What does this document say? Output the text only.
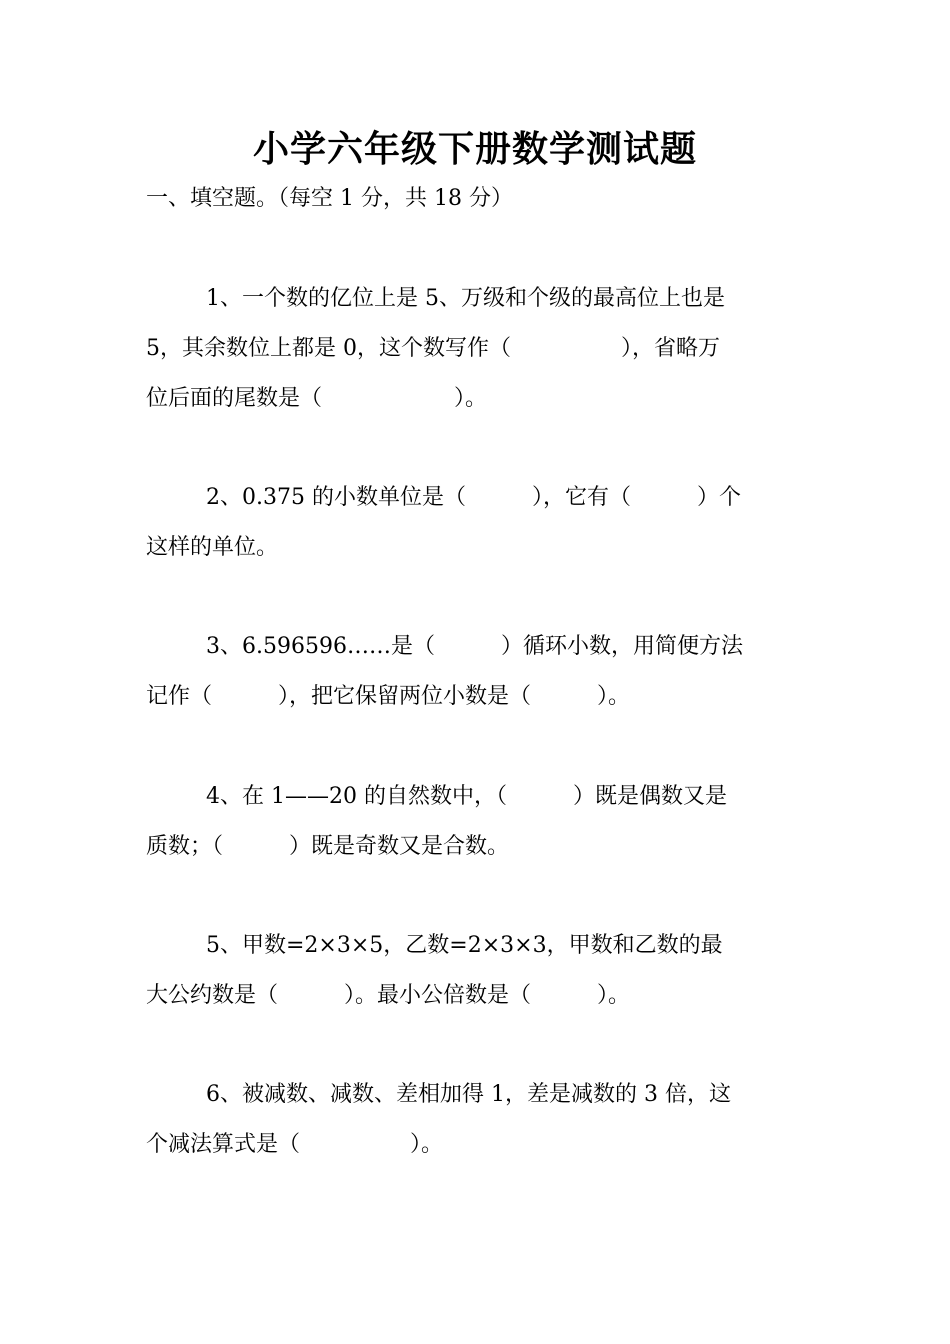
小学六年级下册数学测试题
一、填空题。（每空 1 分，共 18 分）
1、一个数的亿位上是 5、万级和个级的最高位上也是
5，其余数位上都是 0，这个数写作（　　　　　），省略万
位后面的尾数是（　　　　　　）。
2、0.375 的小数单位是（　　　），它有（　　　）个
这样的单位。
3、6.596596……是（　　　）循环小数，用简便方法
记作（　　　），把它保留两位小数是（　　　）。
4、在 1——20 的自然数中，（　　　）既是偶数又是
质数；（　　　）既是奇数又是合数。
5、甲数=2×3×5，乙数=2×3×3，甲数和乙数的最
大公约数是（　　　）。最小公倍数是（　　　）。
6、被减数、减数、差相加得 1，差是减数的 3 倍，这
个减法算式是（　　　　　）。
